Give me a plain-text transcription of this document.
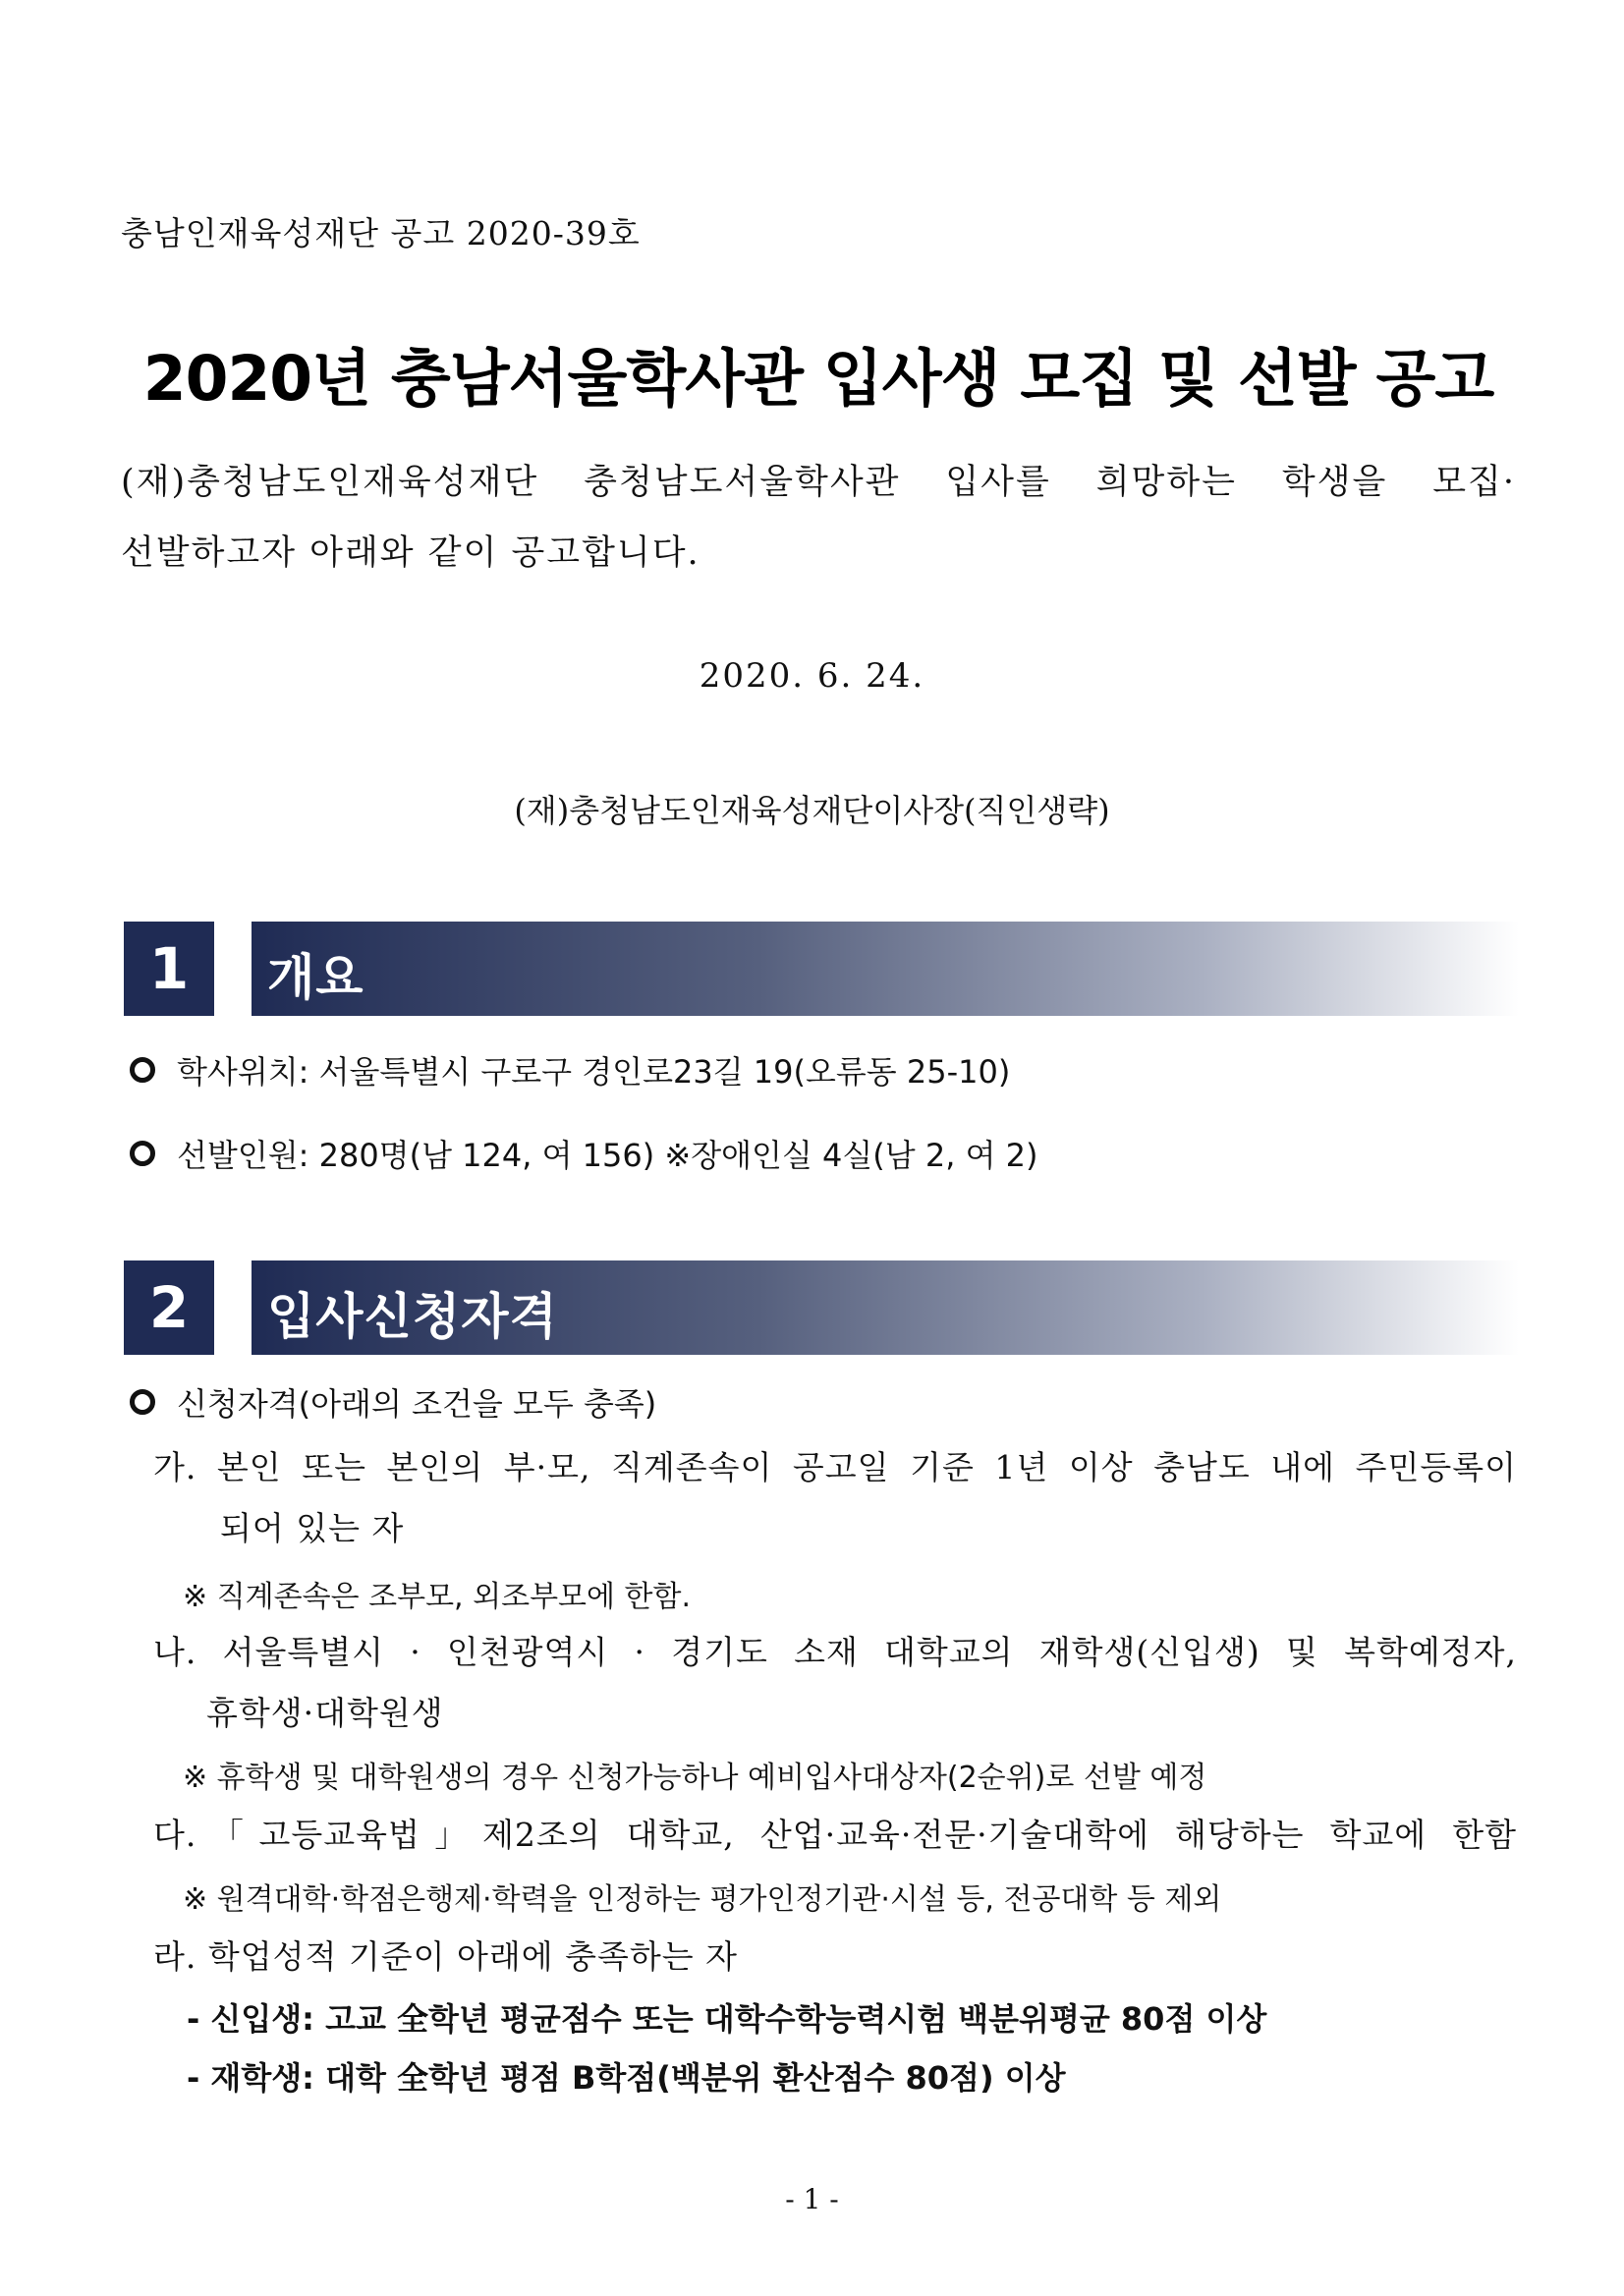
충남인재육성재단 공고 2020-39호
2020년 충남서울학사관 입사생 모집 및 선발 공고
(재)충청남도인재육성재단 충청남도서울학사관 입사를 희망하는 학생을 모집·
선발하고자 아래와 같이 공고합니다.
2020. 6. 24.
(재)충청남도인재육성재단이사장(직인생략)
1	개요
학사위치: 서울특별시 구로구 경인로23길 19(오류동 25-10)
선발인원: 280명(남 124, 여 156) ※장애인실 4실(남 2, 여 2)
2	입사신청자격
신청자격(아래의 조건을 모두 충족)
가. 본인 또는 본인의 부·모, 직계존속이 공고일 기준 1년 이상 충남도 내에 주민등록이
되어 있는 자
※ 직계존속은 조부모, 외조부모에 한함.
나. 서울특별시 · 인천광역시 · 경기도 소재 대학교의 재학생(신입생) 및 복학예정자,
휴학생·대학원생
※ 휴학생 및 대학원생의 경우 신청가능하나 예비입사대상자(2순위)로 선발 예정
다.「고등교육법」제2조의 대학교, 산업·교육·전문·기술대학에 해당하는 학교에 한함
※ 원격대학·학점은행제·학력을 인정하는 평가인정기관·시설 등, 전공대학 등 제외
라. 학업성적 기준이 아래에 충족하는 자
- 신입생: 고교 全학년 평균점수 또는 대학수학능력시험 백분위평균 80점 이상
- 재학생: 대학 全학년 평점 B학점(백분위 환산점수 80점) 이상
- 1 -
